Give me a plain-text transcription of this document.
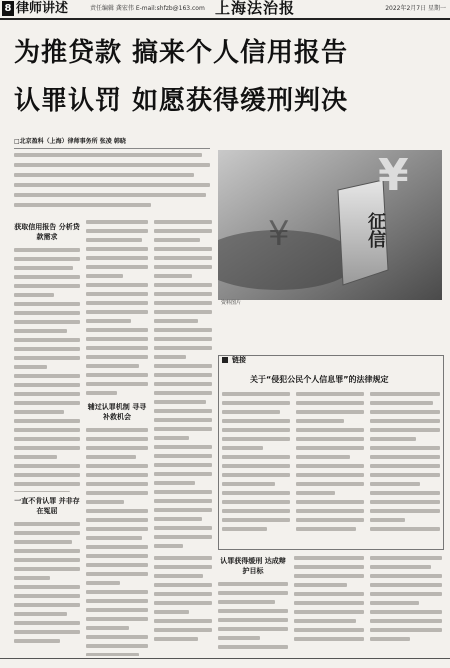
8 律师讲述	责任编辑 龚宏伟 E-mail:shfzb@163.com 上海法治报	2022年2月7日 星期一
为推贷款 搞来个人信用报告
认罪认罚 如愿获得缓刑判决
□北京盈科（上海）律师事务所 张凌 韩晓
¥
¥	征信
资料图片
获取信用报告 分析贷款需求
一直不肯认罪 并非存在冤屈
辅过认罪机制 寻寻补救机会
链接
关于“侵犯公民个人信息罪”的法律规定
认罪获得缓刑 达成辩护目标
